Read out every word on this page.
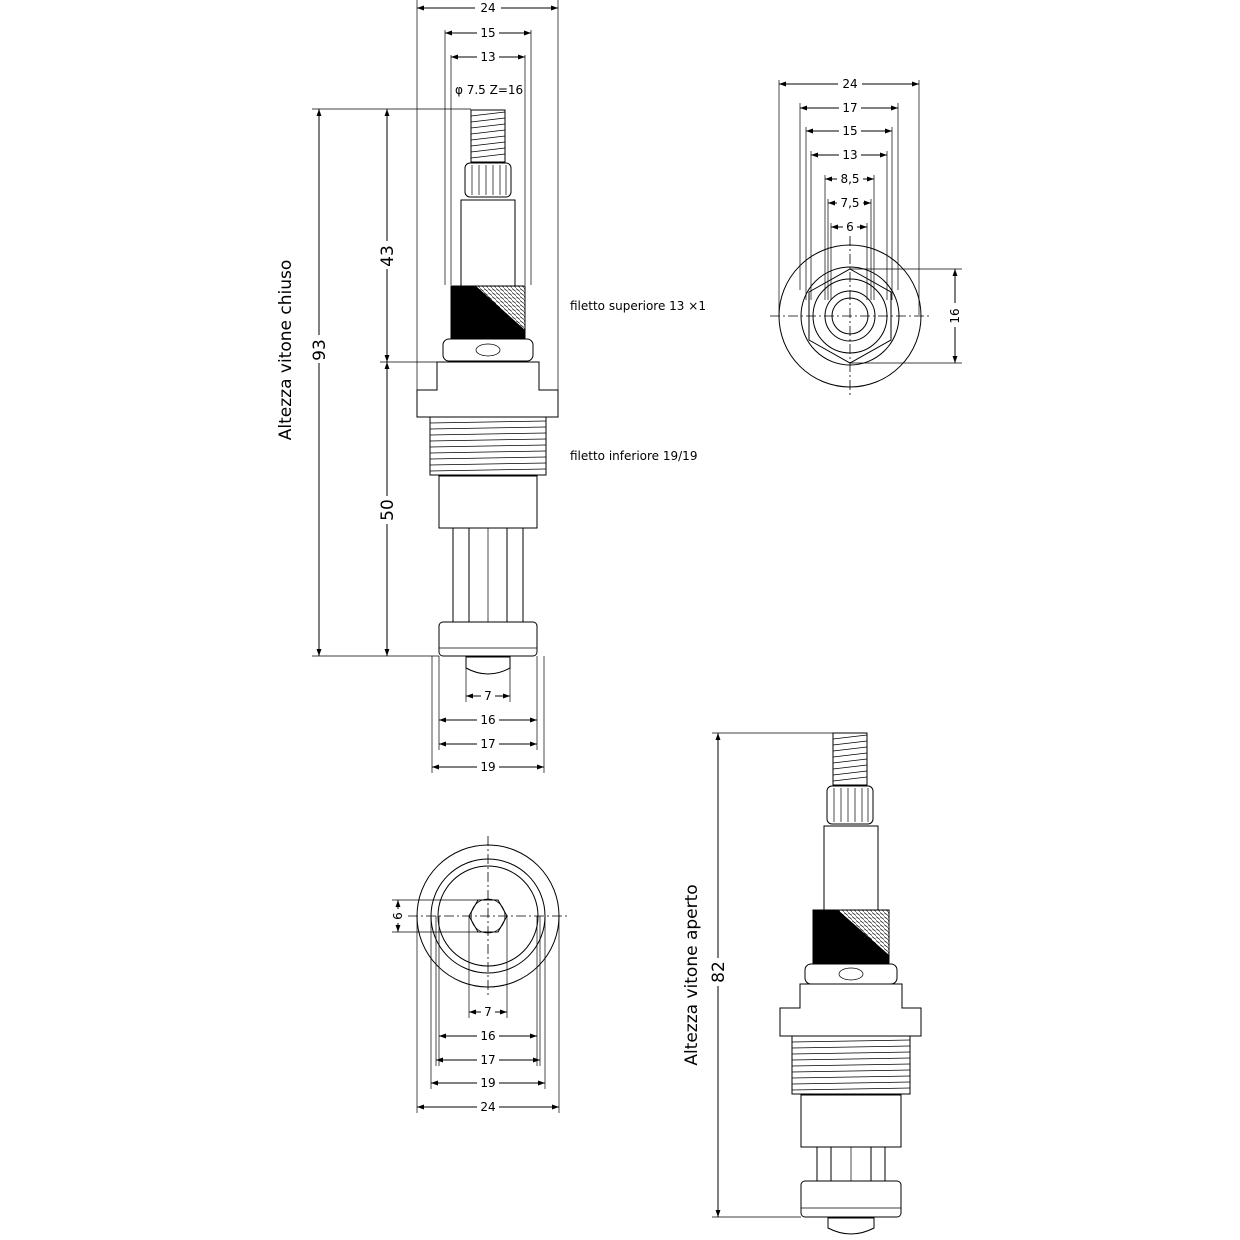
24
15
13
φ 7.5 Z=16
93
43
50
Altezza vitone chiuso	filetto superiore 13 ×1
filetto inferiore 19/19
7
16
17
19
24
17
15
13
8,5
7,5
6
16
6
7
16
17
19
24
82
Altezza vitone aperto
